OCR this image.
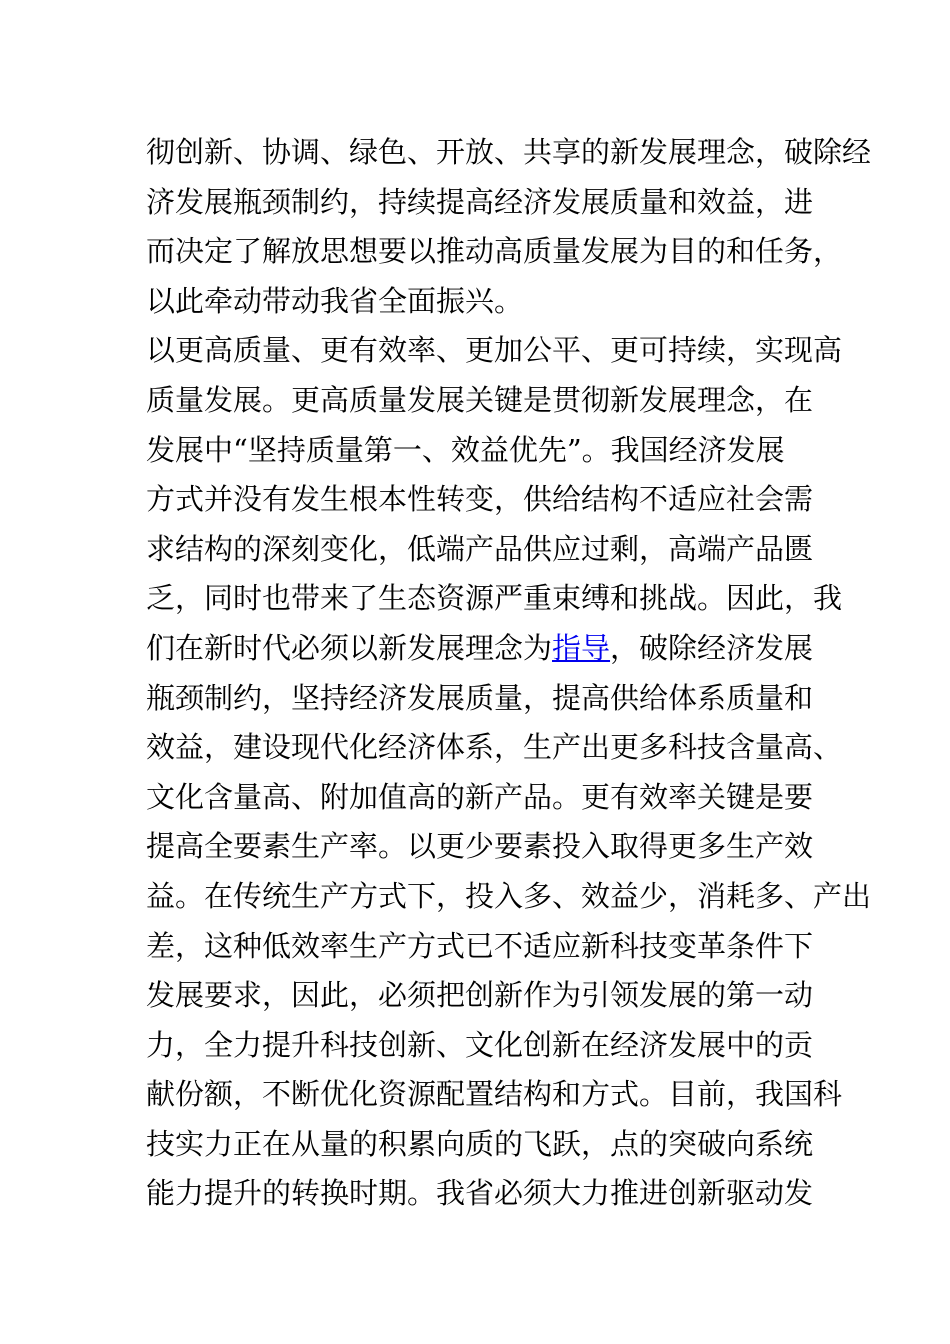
彻创新、协调、绿色、开放、共享的新发展理念，破除经
济发展瓶颈制约，持续提高经济发展质量和效益，进
而决定了解放思想要以推动高质量发展为目的和任务，
以此牵动带动我省全面振兴。
以更高质量、更有效率、更加公平、更可持续，实现高
质量发展。更高质量发展关键是贯彻新发展理念，在
发展中“坚持质量第一、效益优先”。我国经济发展
方式并没有发生根本性转变，供给结构不适应社会需
求结构的深刻变化，低端产品供应过剩，高端产品匮
乏，同时也带来了生态资源严重束缚和挑战。因此，我
们在新时代必须以新发展理念为指导，破除经济发展
瓶颈制约，坚持经济发展质量，提高供给体系质量和
效益，建设现代化经济体系，生产出更多科技含量高、
文化含量高、附加值高的新产品。更有效率关键是要
提高全要素生产率。以更少要素投入取得更多生产效
益。在传统生产方式下，投入多、效益少，消耗多、产出
差，这种低效率生产方式已不适应新科技变革条件下
发展要求，因此，必须把创新作为引领发展的第一动
力，全力提升科技创新、文化创新在经济发展中的贡
献份额，不断优化资源配置结构和方式。目前，我国科
技实力正在从量的积累向质的飞跃，点的突破向系统
能力提升的转换时期。我省必须大力推进创新驱动发
